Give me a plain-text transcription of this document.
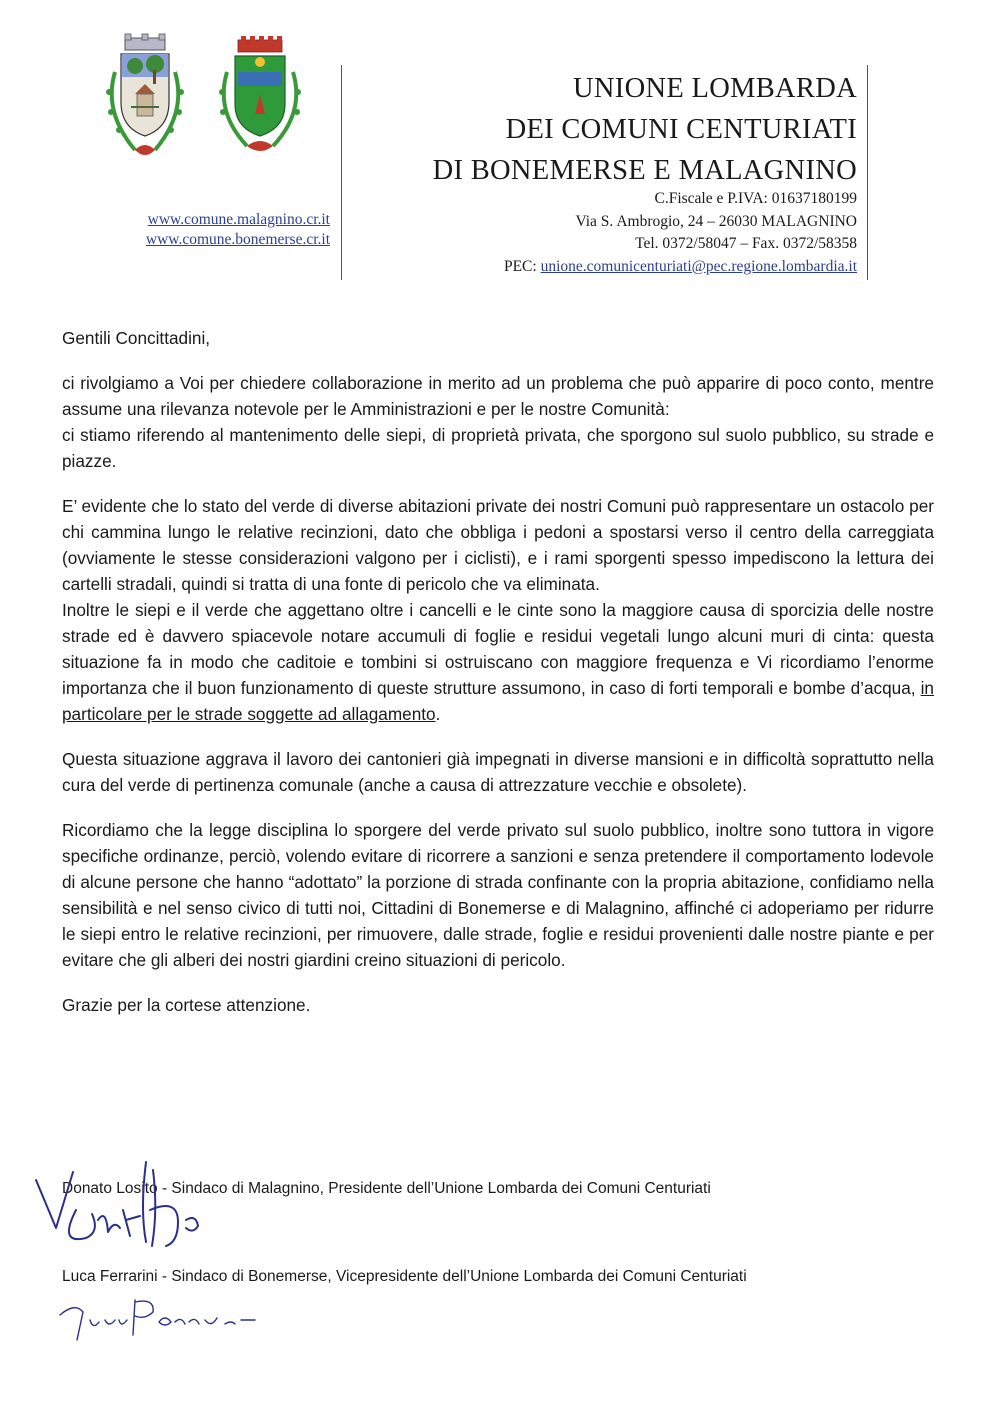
www.comune.malagnino.cr.it
www.comune.bonemerse.cr.it
UNIONE LOMBARDA
DEI COMUNI CENTURIATI
DI BONEMERSE E MALAGNINO
C.Fiscale e P.IVA: 01637180199
Via S. Ambrogio, 24 – 26030 MALAGNINO
Tel. 0372/58047 – Fax. 0372/58358
PEC: unione.comunicenturiati@pec.regione.lombardia.it

Gentili Concittadini,

ci rivolgiamo a Voi per chiedere collaborazione in merito ad un problema che può apparire di poco conto, mentre assume una rilevanza notevole per le Amministrazioni e per le nostre Comunità:

ci stiamo riferendo al mantenimento delle siepi, di proprietà privata, che sporgono sul suolo pubblico, su strade e piazze.

E’ evidente che lo stato del verde di diverse abitazioni private dei nostri Comuni può rappresentare un ostacolo per chi cammina lungo le relative recinzioni, dato che obbliga i pedoni a spostarsi verso il centro della carreggiata (ovviamente le stesse considerazioni valgono per i ciclisti), e i rami sporgenti spesso impediscono la lettura dei cartelli stradali, quindi si tratta di una fonte di pericolo che va eliminata.

Inoltre le siepi e il verde che aggettano oltre i cancelli e le cinte sono la maggiore causa di sporcizia delle nostre strade ed è davvero spiacevole notare accumuli di foglie e residui vegetali lungo alcuni muri di cinta: questa situazione fa in modo che caditoie e tombini si ostruiscano con maggiore frequenza e Vi ricordiamo l’enorme importanza che il buon funzionamento di queste strutture assumono, in caso di forti temporali e bombe d’acqua, in particolare per le strade soggette ad allagamento.

Questa situazione aggrava il lavoro dei cantonieri già impegnati in diverse mansioni e in difficoltà soprattutto nella cura del verde di pertinenza comunale (anche a causa di attrezzature vecchie e obsolete).

Ricordiamo che la legge disciplina lo sporgere del verde privato sul suolo pubblico, inoltre sono tuttora in vigore specifiche ordinanze, perciò, volendo evitare di ricorrere a sanzioni e senza pretendere il comportamento lodevole di alcune persone che hanno “adottato” la porzione di strada confinante con la propria abitazione, confidiamo nella sensibilità e nel senso civico di tutti noi, Cittadini di Bonemerse e di Malagnino, affinché ci adoperiamo per ridurre le siepi entro le relative recinzioni, per rimuovere, dalle strade, foglie e residui provenienti dalle nostre piante e per evitare che gli alberi dei nostri giardini creino situazioni di pericolo.

Grazie per la cortese attenzione.

Donato Losito - Sindaco di Malagnino, Presidente dell’Unione Lombarda dei Comuni Centuriati
Luca Ferrarini - Sindaco di Bonemerse, Vicepresidente dell’Unione Lombarda dei Comuni Centuriati
